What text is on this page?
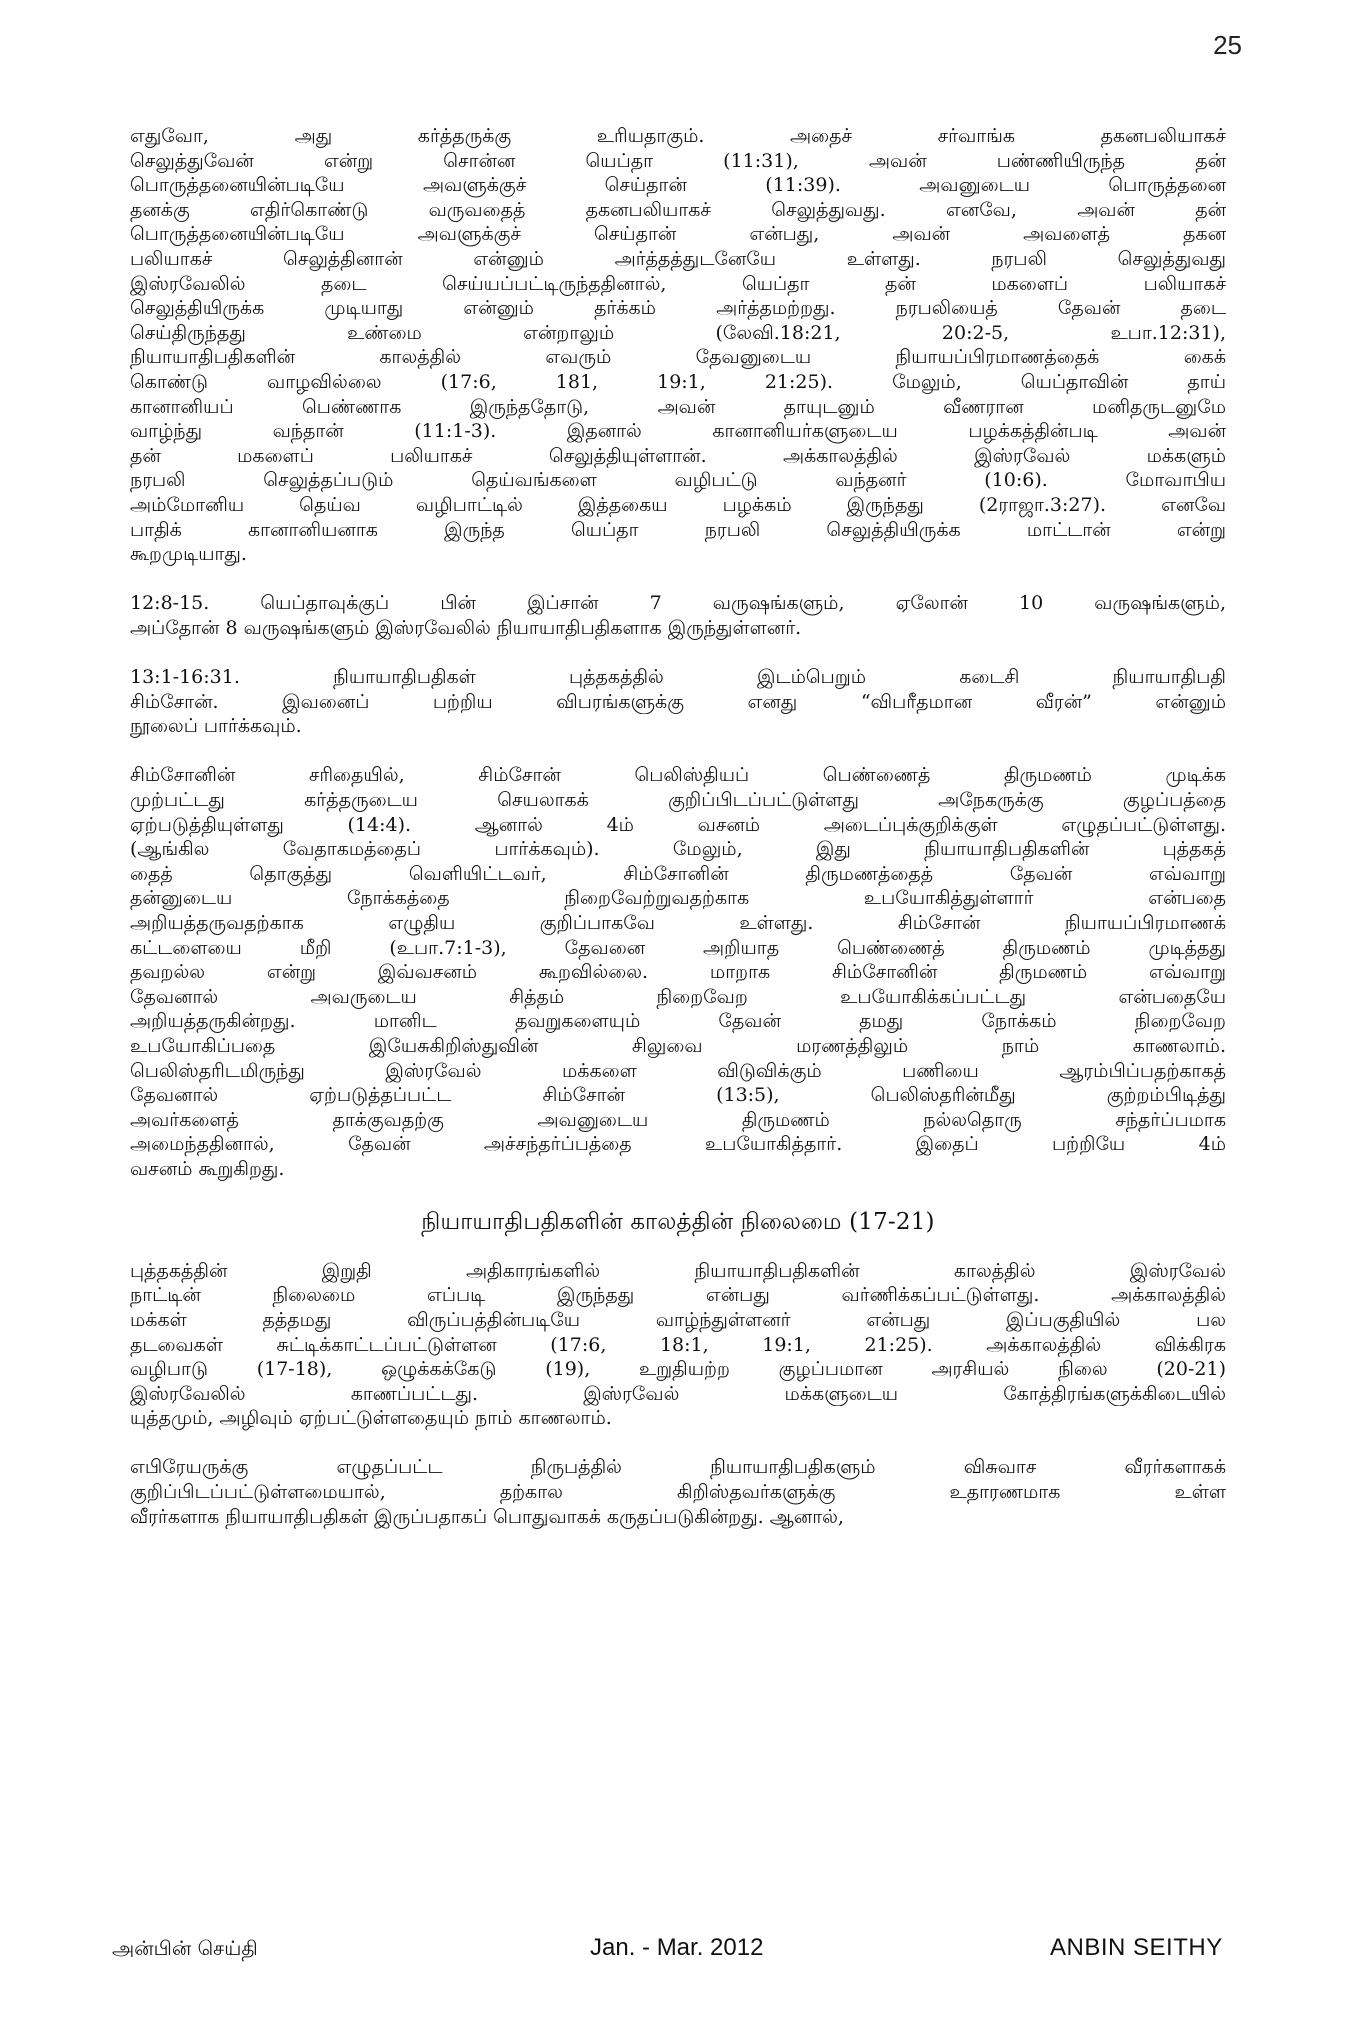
25
எதுவோ, அது கர்த்தருக்கு உரியதாகும். அதைச் சர்வாங்க தகனபலியாகச்
செலுத்துவேன் என்று சொன்ன யெப்தா (11:31), அவன் பண்ணியிருந்த தன்
பொருத்தனையின்படியே அவளுக்குச் செய்தான் (11:39). அவனுடைய பொருத்தனை
தனக்கு எதிர்கொண்டு வருவதைத் தகனபலியாகச் செலுத்துவது. எனவே, அவன் தன்
பொருத்தனையின்படியே அவளுக்குச் செய்தான் என்பது, அவன் அவளைத் தகன
பலியாகச் செலுத்தினான் என்னும் அர்த்தத்துடனேயே உள்ளது. நரபலி செலுத்துவது
இஸ்ரவேலில் தடை செய்யப்பட்டிருந்ததினால், யெப்தா தன் மகளைப் பலியாகச்
செலுத்தியிருக்க முடியாது என்னும் தர்க்கம் அர்த்தமற்றது. நரபலியைத் தேவன் தடை
செய்திருந்தது உண்மை என்றாலும் (லேவி.18:21, 20:2-5, உபா.12:31),
நியாயாதிபதிகளின் காலத்தில் எவரும் தேவனுடைய நியாயப்பிரமாணத்தைக் கைக்
கொண்டு வாழவில்லை (17:6, 181, 19:1, 21:25). மேலும், யெப்தாவின் தாய்
கானானியப் பெண்ணாக இருந்ததோடு, அவன் தாயுடனும் வீணரான மனிதருடனுமே
வாழ்ந்து வந்தான் (11:1-3). இதனால் கானானியர்களுடைய பழக்கத்தின்படி அவன்
தன் மகளைப் பலியாகச் செலுத்தியுள்ளான். அக்காலத்தில் இஸ்ரவேல் மக்களும்
நரபலி செலுத்தப்படும் தெய்வங்களை வழிபட்டு வந்தனர் (10:6). மோவாபிய
அம்மோனிய தெய்வ வழிபாட்டில் இத்தகைய பழக்கம் இருந்தது (2ராஜா.3:27). எனவே
பாதிக் கானானியனாக இருந்த யெப்தா நரபலி செலுத்தியிருக்க மாட்டான் என்று
கூறமுடியாது.
12:8-15. யெப்தாவுக்குப் பின் இப்சான் 7 வருஷங்களும், ஏலோன் 10 வருஷங்களும்,
அப்தோன் 8 வருஷங்களும் இஸ்ரவேலில் நியாயாதிபதிகளாக இருந்துள்ளனர்.
13:1-16:31. நியாயாதிபதிகள் புத்தகத்தில் இடம்பெறும் கடைசி நியாயாதிபதி
சிம்சோன். இவனைப் பற்றிய விபரங்களுக்கு எனது “விபரீதமான வீரன்” என்னும்
நூலைப் பார்க்கவும்.
சிம்சோனின் சரிதையில், சிம்சோன் பெலிஸ்தியப் பெண்ணைத் திருமணம் முடிக்க
முற்பட்டது கர்த்தருடைய செயலாகக் குறிப்பிடப்பட்டுள்ளது அநேகருக்கு குழப்பத்தை
ஏற்படுத்தியுள்ளது (14:4). ஆனால் 4ம் வசனம் அடைப்புக்குறிக்குள் எழுதப்பட்டுள்ளது.
(ஆங்கில வேதாகமத்தைப் பார்க்கவும்). மேலும், இது நியாயாதிபதிகளின் புத்தகத்
தைத் தொகுத்து வெளியிட்டவர், சிம்சோனின் திருமணத்தைத் தேவன் எவ்வாறு
தன்னுடைய நோக்கத்தை நிறைவேற்றுவதற்காக உபயோகித்துள்ளார் என்பதை
அறியத்தருவதற்காக எழுதிய குறிப்பாகவே உள்ளது. சிம்சோன் நியாயப்பிரமாணக்
கட்டளையை மீறி (உபா.7:1-3), தேவனை அறியாத பெண்ணைத் திருமணம் முடித்தது
தவறல்ல என்று இவ்வசனம் கூறவில்லை. மாறாக சிம்சோனின் திருமணம் எவ்வாறு
தேவனால் அவருடைய சித்தம் நிறைவேற உபயோகிக்கப்பட்டது என்பதையே
அறியத்தருகின்றது. மானிட தவறுகளையும் தேவன் தமது நோக்கம் நிறைவேற
உபயோகிப்பதை இயேசுகிறிஸ்துவின் சிலுவை மரணத்திலும் நாம் காணலாம்.
பெலிஸ்தரிடமிருந்து இஸ்ரவேல் மக்களை விடுவிக்கும் பணியை ஆரம்பிப்பதற்காகத்
தேவனால் ஏற்படுத்தப்பட்ட சிம்சோன் (13:5), பெலிஸ்தரின்மீது குற்றம்பிடித்து
அவர்களைத் தாக்குவதற்கு அவனுடைய திருமணம் நல்லதொரு சந்தர்ப்பமாக
அமைந்ததினால், தேவன் அச்சந்தர்ப்பத்தை உபயோகித்தார். இதைப் பற்றியே 4ம்
வசனம் கூறுகிறது.
நியாயாதிபதிகளின் காலத்தின் நிலைமை (17-21)
புத்தகத்தின் இறுதி அதிகாரங்களில் நியாயாதிபதிகளின் காலத்தில் இஸ்ரவேல்
நாட்டின் நிலைமை எப்படி இருந்தது என்பது வர்ணிக்கப்பட்டுள்ளது. அக்காலத்தில்
மக்கள் தத்தமது விருப்பத்தின்படியே வாழ்ந்துள்ளனர் என்பது இப்பகுதியில் பல
தடவைகள் சுட்டிக்காட்டப்பட்டுள்ளன (17:6, 18:1, 19:1, 21:25). அக்காலத்தில் விக்கிரக
வழிபாடு (17-18), ஒழுக்கக்கேடு (19), உறுதியற்ற குழப்பமான அரசியல் நிலை (20-21)
இஸ்ரவேலில் காணப்பட்டது. இஸ்ரவேல் மக்களுடைய கோத்திரங்களுக்கிடையில்
யுத்தமும், அழிவும் ஏற்பட்டுள்ளதையும் நாம் காணலாம்.
எபிரேயருக்கு எழுதப்பட்ட நிருபத்தில் நியாயாதிபதிகளும் விசுவாச வீரர்களாகக்
குறிப்பிடப்பட்டுள்ளமையால், தற்கால கிறிஸ்தவர்களுக்கு உதாரணமாக உள்ள
வீரர்களாக நியாயாதிபதிகள் இருப்பதாகப் பொதுவாகக் கருதப்படுகின்றது. ஆனால்,
அன்பின் செய்தி	Jan. - Mar. 2012	ANBIN SEITHY
